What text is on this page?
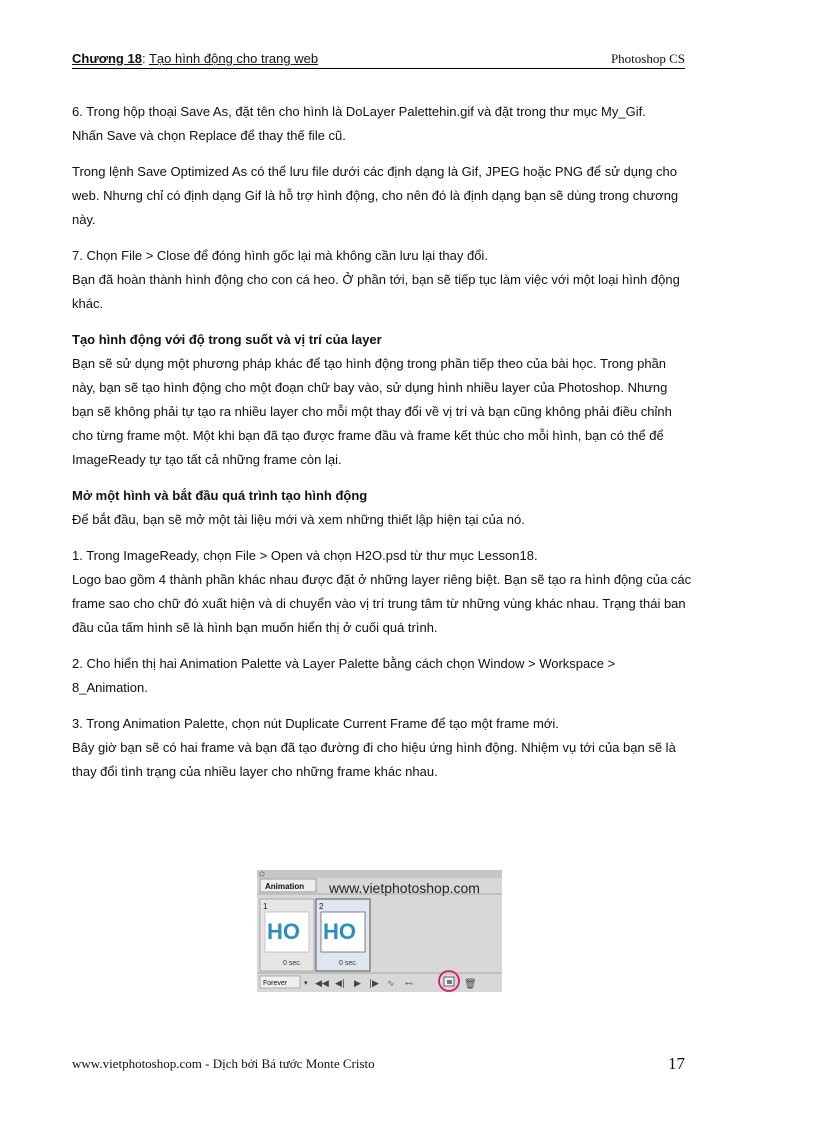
Chương 18: Tạo hình động cho trang web	Photoshop CS

6. Trong hộp thoại Save As, đặt tên cho hình là DoLayer Palettehin.gif và đặt trong thư mục My_Gif.
Nhấn Save và chọn Replace để thay thế file cũ.

Trong lệnh Save Optimized As có thể lưu file dưới các định dạng là Gif, JPEG hoặc PNG để sử dụng cho web. Nhưng chỉ có định dạng Gif là hỗ trợ hình động, cho nên đó là định dạng bạn sẽ dùng trong chương này.

7. Chọn File > Close để đóng hình gốc lại mà không cần lưu lại thay đổi.
Bạn đã hoàn thành hình động cho con cá heo. Ở phần tới, bạn sẽ tiếp tục làm việc với một loại hình động khác.

Tạo hình động với độ trong suốt và vị trí của layer

Bạn sẽ sử dụng một phương pháp khác để tạo hình động trong phần tiếp theo của bài học. Trong phần này, bạn sẽ tạo hình động cho một đoạn chữ bay vào, sử dụng hình nhiều layer của Photoshop. Nhưng bạn sẽ không phải tự tạo ra nhiều layer cho mỗi một thay đổi về vị trí và bạn cũng không phải điều chỉnh cho từng frame một. Một khi bạn đã tạo được frame đầu và frame kết thúc cho mỗi hình, bạn có thể để ImageReady tự tạo tất cả những frame còn lại.

Mở một hình và bắt đầu quá trình tạo hình động

Để bắt đầu, bạn sẽ mở một tài liệu mới và xem những thiết lập hiện tại của nó.

1. Trong ImageReady, chọn File > Open và chọn H2O.psd từ thư mục Lesson18.
Logo bao gồm 4 thành phần khác nhau được đặt ở những layer riêng biệt. Bạn sẽ tạo ra hình động của các frame sao cho chữ đó xuất hiện và di chuyển vào vị trí trung tâm từ những vùng khác nhau. Trạng thái ban đầu của tấm hình sẽ là hình bạn muốn hiển thị ở cuối quá trình.

2. Cho hiển thị hai Animation Palette và Layer Palette bằng cách chọn Window > Workspace > 8_Animation.

3. Trong Animation Palette, chọn nút Duplicate Current Frame để tạo một frame mới.
Bây giờ bạn sẽ có hai frame và bạn đã tạo đường đi cho hiệu ứng hình động. Nhiệm vụ tới của bạn sẽ là thay đổi tình trạng của nhiều layer cho những frame khác nhau.

Animation www.vietphotoshop.com
1
HO
0 sec.
2
HO
0 sec.
Forever ▾ ◀◀ ◀| ▶ |▶ ∿ ⊷	🗑
www.vietphotoshop.com - Dịch bởi Bá tước Monte Cristo	17
